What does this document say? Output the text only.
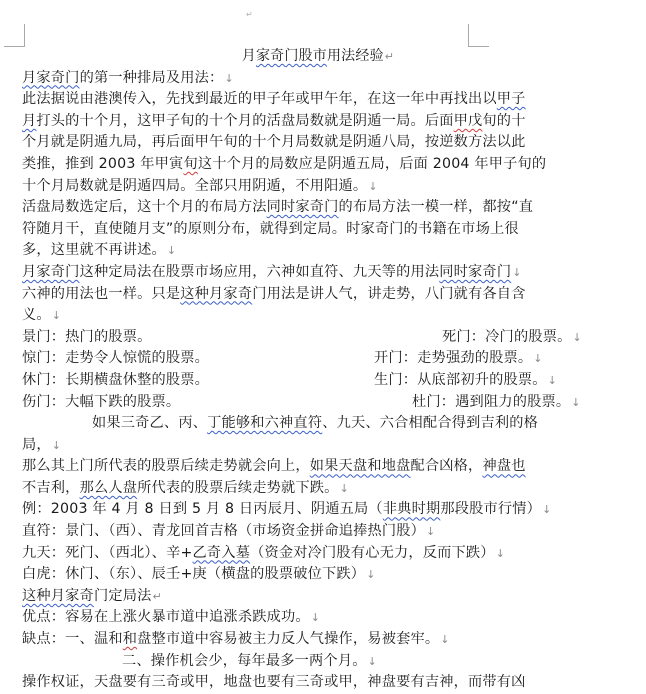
↵
月家奇门股市用法经验↵
月家奇门的第一种排局及用法：↓
此法据说由港澳传入，先找到最近的甲子年或甲午年，在这一年中再找出以甲子
月打头的十个月，这甲子旬的十个月的活盘局数就是阴遁一局。后面甲戊旬的十
个月就是阴遁九局，再后面甲午旬的十个月局数就是阴遁八局，按逆数方法以此
类推，推到 2003 年甲寅旬这十个月的局数应是阴遁五局，后面 2004 年甲子旬的
十个月局数就是阴遁四局。全部只用阴遁，不用阳遁。↓
活盘局数选定后，这十个月的布局方法同时家奇门的布局方法一模一样，都按“直
符随月干，直使随月支”的原则分布，就得到定局。时家奇门的书籍在市场上很
多，这里就不再讲述。↓
月家奇门这种定局法在股票市场应用，六神如直符、九天等的用法同时家奇门↓
六神的用法也一样。只是这种月家奇门用法是讲人气，讲走势，八门就有各自含
义。↓
景门：热门的股票。	死门：冷门的股票。↓
惊门：走势令人惊慌的股票。	开门：走势强劲的股票。↓
休门：长期横盘休整的股票。	生门：从底部初升的股票。↓
伤门：大幅下跌的股票。	杜门：遇到阻力的股票。↓
如果三奇乙、丙、丁能够和六神直符、九天、六合相配合得到吉利的格
局，↓
那么其上门所代表的股票后续走势就会向上，如果天盘和地盘配合凶格，神盘也
不吉利，那么人盘所代表的股票后续走势就下跌。↓
例：2003 年 4 月 8 日到 5 月 8 日丙辰月、阴遁五局（非典时期那段股市行情）↓
直符：景门、（西）、青龙回首吉格（市场资金拼命追捧热门股）↓
九天：死门、（西北）、辛+乙奇入墓（资金对冷门股有心无力，反而下跌）↓
白虎：休门、（东）、辰壬+庚（横盘的股票破位下跌）↓
这种月家奇门定局法↵
优点：容易在上涨火暴市道中追涨杀跌成功。↓
缺点：一、温和和盘整市道中容易被主力反人气操作，易被套牢。↓
二、操作机会少，每年最多一两个月。↓
操作权证，天盘要有三奇或甲，地盘也要有三奇或甲，神盘要有吉神，而带有凶
